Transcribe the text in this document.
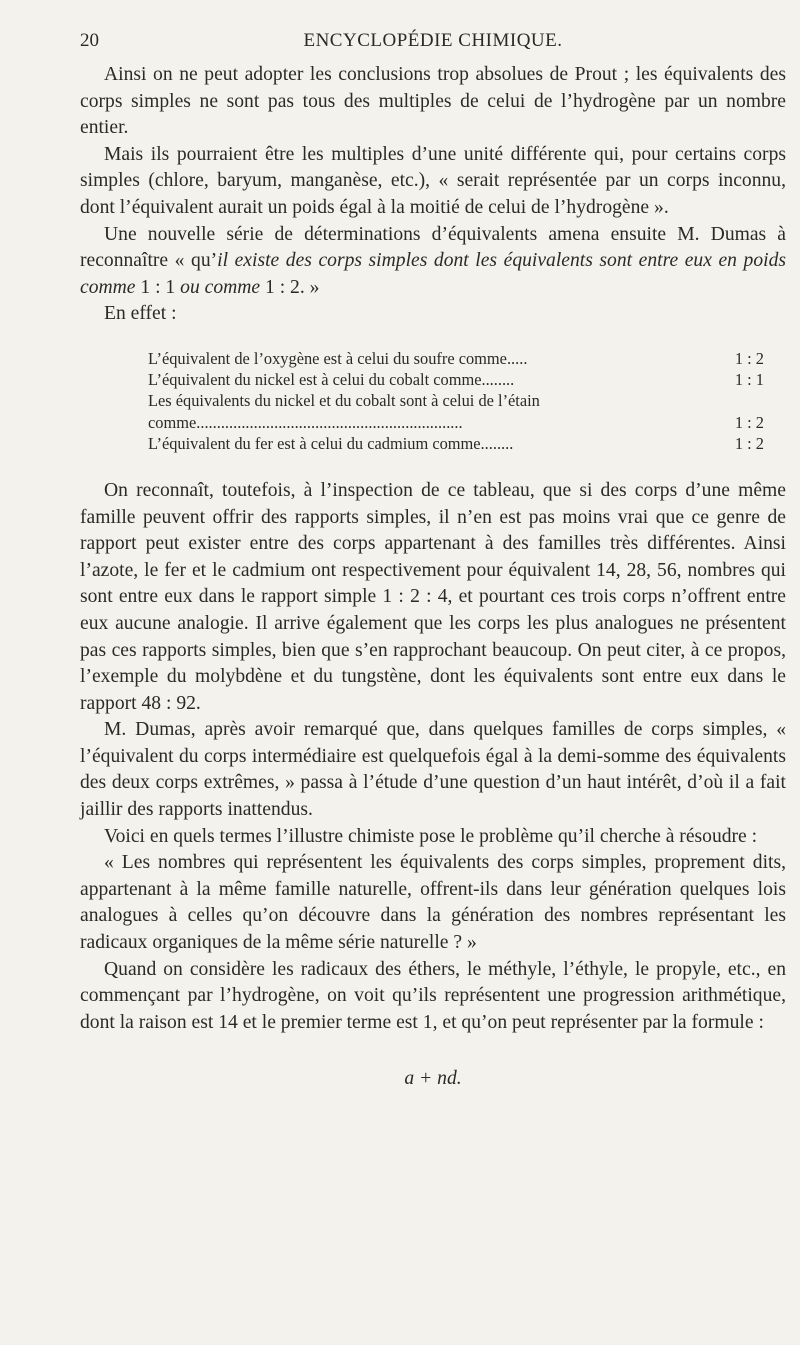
20	ENCYCLOPÉDIE CHIMIQUE.

Ainsi on ne peut adopter les conclusions trop absolues de Prout ; les équivalents des corps simples ne sont pas tous des multiples de celui de l’hydrogène par un nombre entier.

Mais ils pourraient être les multiples d’une unité différente qui, pour certains corps simples (chlore, baryum, manganèse, etc.), « serait représentée par un corps inconnu, dont l’équivalent aurait un poids égal à la moitié de celui de l’hydrogène ».

Une nouvelle série de déterminations d’équivalents amena ensuite M. Dumas à reconnaître « qu’il existe des corps simples dont les équivalents sont entre eux en poids comme 1 : 1 ou comme 1 : 2. »

En effet :

L’équivalent de l’oxygène est à celui du soufre comme.....	1 : 2
L’équivalent du nickel est à celui du cobalt comme........	1 : 1
Les équivalents du nickel et du cobalt sont à celui de l’étain
comme.................................................................	1 : 2
L’équivalent du fer est à celui du cadmium comme........	1 : 2

On reconnaît, toutefois, à l’inspection de ce tableau, que si des corps d’une même famille peuvent offrir des rapports simples, il n’en est pas moins vrai que ce genre de rapport peut exister entre des corps appartenant à des familles très différentes. Ainsi l’azote, le fer et le cadmium ont respectivement pour équivalent 14, 28, 56, nombres qui sont entre eux dans le rapport simple 1 : 2 : 4, et pourtant ces trois corps n’offrent entre eux aucune analogie. Il arrive également que les corps les plus analogues ne présentent pas ces rapports simples, bien que s’en rapprochant beaucoup. On peut citer, à ce propos, l’exemple du molybdène et du tungstène, dont les équivalents sont entre eux dans le rapport 48 : 92.

M. Dumas, après avoir remarqué que, dans quelques familles de corps simples, « l’équivalent du corps intermédiaire est quelquefois égal à la demi-somme des équivalents des deux corps extrêmes, » passa à l’étude d’une question d’un haut intérêt, d’où il a fait jaillir des rapports inattendus.

Voici en quels termes l’illustre chimiste pose le problème qu’il cherche à résoudre :

« Les nombres qui représentent les équivalents des corps simples, proprement dits, appartenant à la même famille naturelle, offrent-ils dans leur génération quelques lois analogues à celles qu’on découvre dans la génération des nombres représentant les radicaux organiques de la même série naturelle ? »

Quand on considère les radicaux des éthers, le méthyle, l’éthyle, le propyle, etc., en commençant par l’hydrogène, on voit qu’ils représentent une progression arithmétique, dont la raison est 14 et le premier terme est 1, et qu’on peut représenter par la formule :

a + nd.
